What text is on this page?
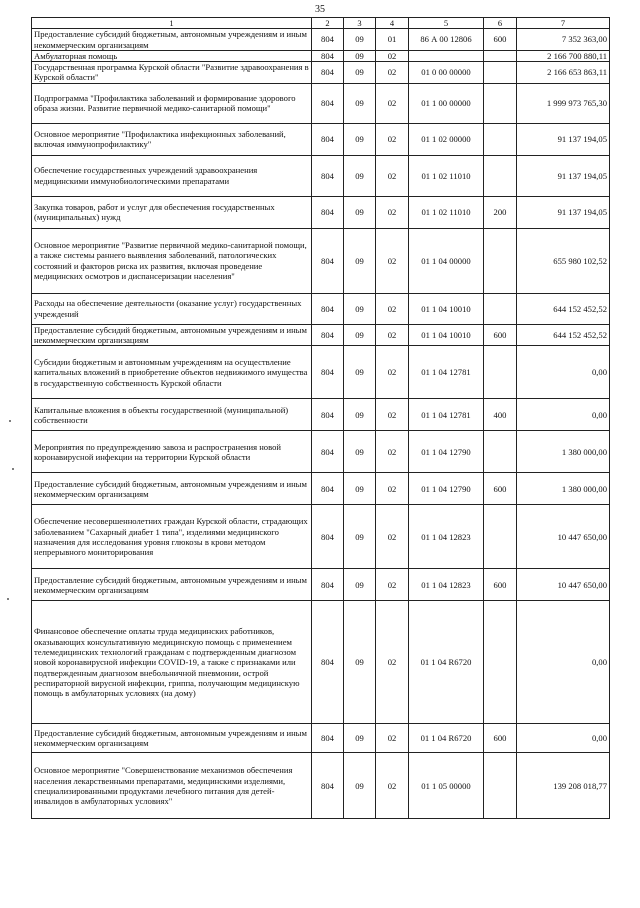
35
1	2	3	4	5	6	7
Предоставление субсидий бюджетным, автономным учреждениям и иным некоммерческим организациям	804	09	01	86 А 00 12806	600	7 352 363,00
Амбулаторная помощь	804	09	02			2 166 700 880,11
Государственная программа Курской области "Развитие здравоохранения в Курской области"	804	09	02	01 0 00 00000		2 166 653 863,11
Подпрограмма "Профилактика заболеваний и формирование здорового образа жизни. Развитие первичной медико-санитарной помощи"	804	09	02	01 1 00 00000		1 999 973 765,30
Основное мероприятие "Профилактика инфекционных заболеваний, включая иммунопрофилактику"	804	09	02	01 1 02 00000		91 137 194,05
Обеспечение государственных учреждений здравоохранения медицинскими иммунобиологическими препаратами	804	09	02	01 1 02 11010		91 137 194,05
Закупка товаров, работ и услуг для обеспечения государственных (муниципальных) нужд	804	09	02	01 1 02 11010	200	91 137 194,05
Основное мероприятие "Развитие первичной медико-санитарной помощи, а также системы раннего выявления заболеваний, патологических состояний и факторов риска их развития, включая проведение медицинских осмотров и диспансеризации населения"	804	09	02	01 1 04 00000		655 980 102,52
Расходы на обеспечение деятельности (оказание услуг) государственных учреждений	804	09	02	01 1 04 10010		644 152 452,52
Предоставление субсидий бюджетным, автономным учреждениям и иным некоммерческим организациям	804	09	02	01 1 04 10010	600	644 152 452,52
Субсидии бюджетным и автономным учреждениям на осуществление капитальных вложений в приобретение объектов недвижимого имущества в государственную собственность Курской области	804	09	02	01 1 04 12781		0,00
Капитальные вложения в объекты государственной (муниципальной) собственности	804	09	02	01 1 04 12781	400	0,00
Мероприятия по предупреждению завоза и распространения новой коронавирусной инфекции на территории Курской области	804	09	02	01 1 04 12790		1 380 000,00
Предоставление субсидий бюджетным, автономным учреждениям и иным некоммерческим организациям	804	09	02	01 1 04 12790	600	1 380 000,00
Обеспечение несовершеннолетних граждан Курской области, страдающих заболеванием "Сахарный диабет 1 типа", изделиями медицинского назначения для исследования уровня глюкозы в крови методом непрерывного мониторирования	804	09	02	01 1 04 12823		10 447 650,00
Предоставление субсидий бюджетным, автономным учреждениям и иным некоммерческим организациям	804	09	02	01 1 04 12823	600	10 447 650,00
Финансовое обеспечение оплаты труда медицинских работников, оказывающих консультативную медицинскую помощь с применением телемедицинских технологий гражданам с подтвержденным диагнозом новой коронавирусной инфекции COVID-19, а также с признаками или подтвержденным диагнозом внебольничной пневмонии, острой респираторной вирусной инфекции, гриппа, получающим медицинскую помощь в амбулаторных условиях (на дому)	804	09	02	01 1 04 R6720		0,00
Предоставление субсидий бюджетным, автономным учреждениям и иным некоммерческим организациям	804	09	02	01 1 04 R6720	600	0,00
Основное мероприятие "Совершенствование механизмов обеспечения населения лекарственными препаратами, медицинскими изделиями, специализированными продуктами лечебного питания для детей-инвалидов в амбулаторных условиях"	804	09	02	01 1 05 00000		139 208 018,77
